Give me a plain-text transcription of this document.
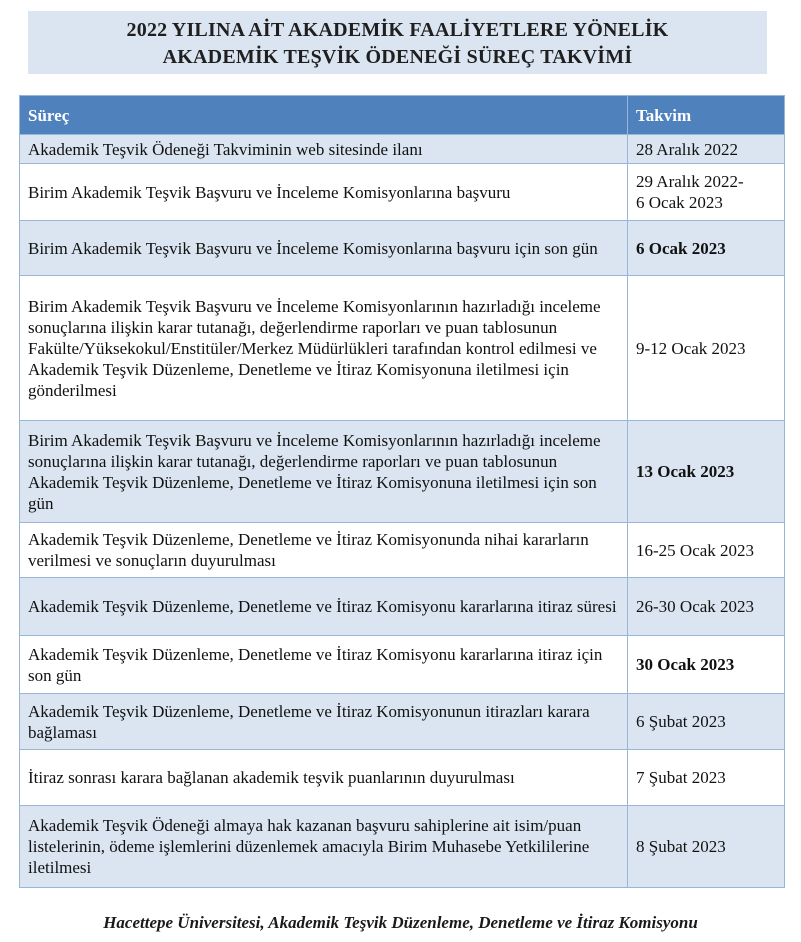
2022 YILINA AİT AKADEMİK FAALİYETLERE YÖNELİK
AKADEMİK TEŞVİK ÖDENEĞİ SÜREÇ TAKVİMİ
Süreç	Takvim
Akademik Teşvik Ödeneği Takviminin web sitesinde ilanı	28 Aralık 2022
Birim Akademik Teşvik Başvuru ve İnceleme Komisyonlarına başvuru	29 Aralık 2022-
6 Ocak 2023
Birim Akademik Teşvik Başvuru ve İnceleme Komisyonlarına başvuru için son gün	6 Ocak 2023
Birim Akademik Teşvik Başvuru ve İnceleme Komisyonlarının hazırladığı inceleme sonuçlarına ilişkin karar tutanağı, değerlendirme raporları ve puan tablosunun Fakülte/Yüksekokul/Enstitüler/Merkez Müdürlükleri tarafından kontrol edilmesi ve Akademik Teşvik Düzenleme, Denetleme ve İtiraz Komisyonuna iletilmesi için gönderilmesi	9-12 Ocak 2023
Birim Akademik Teşvik Başvuru ve İnceleme Komisyonlarının hazırladığı inceleme sonuçlarına ilişkin karar tutanağı, değerlendirme raporları ve puan tablosunun Akademik Teşvik Düzenleme, Denetleme ve İtiraz Komisyonuna iletilmesi için son gün	13 Ocak 2023
Akademik Teşvik Düzenleme, Denetleme ve İtiraz Komisyonunda nihai kararların verilmesi ve sonuçların duyurulması	16-25 Ocak 2023
Akademik Teşvik Düzenleme, Denetleme ve İtiraz Komisyonu kararlarına itiraz süresi	26-30 Ocak 2023
Akademik Teşvik Düzenleme, Denetleme ve İtiraz Komisyonu kararlarına itiraz için son gün	30 Ocak 2023
Akademik Teşvik Düzenleme, Denetleme ve İtiraz Komisyonunun itirazları karara bağlaması	6 Şubat 2023
İtiraz sonrası karara bağlanan akademik teşvik puanlarının duyurulması	7 Şubat 2023
Akademik Teşvik Ödeneği almaya hak kazanan başvuru sahiplerine ait isim/puan listelerinin, ödeme işlemlerini düzenlemek amacıyla Birim Muhasebe Yetkililerine iletilmesi	8 Şubat 2023
Hacettepe Üniversitesi, Akademik Teşvik Düzenleme, Denetleme ve İtiraz Komisyonu
